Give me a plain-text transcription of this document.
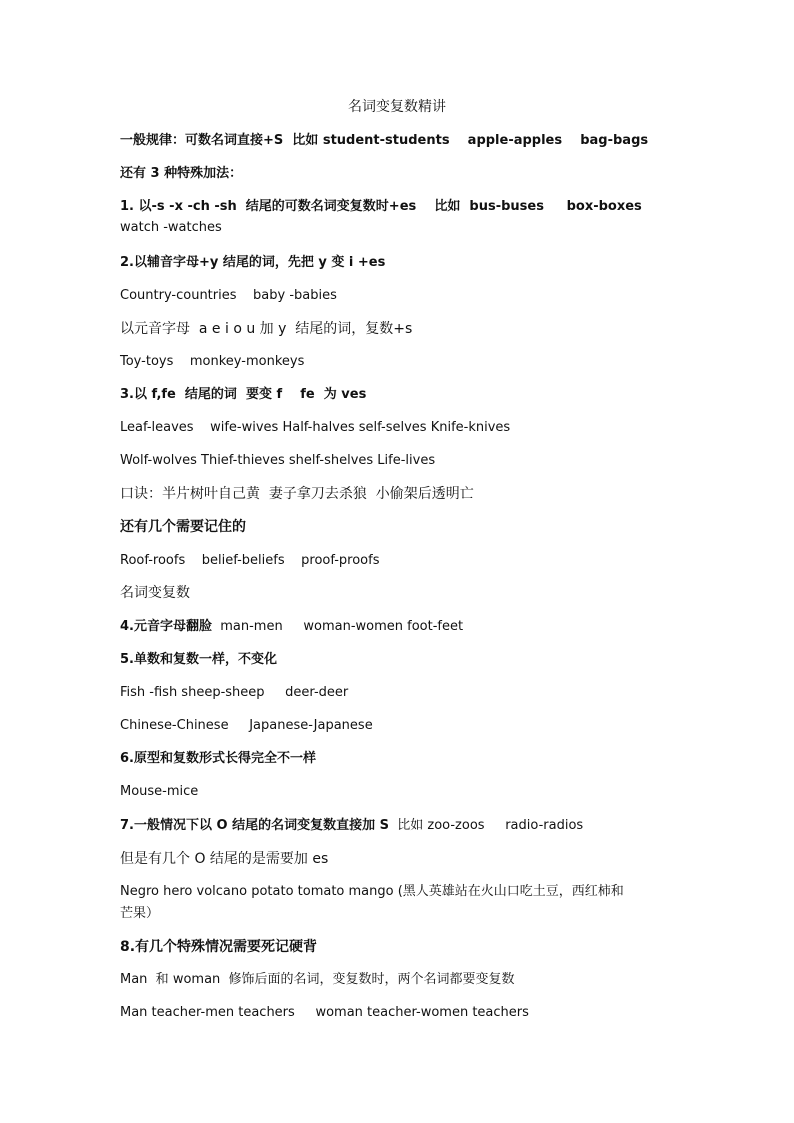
名词变复数精讲
一般规律：可数名词直接+S  比如 student-students    apple-apples    bag-bags
还有 3 种特殊加法：
1. 以-s -x -ch -sh  结尾的可数名词变复数时+es    比如  bus-buses     box-boxes
watch -watches
2.以辅音字母+y 结尾的词，先把 y 变 i +es
Country-countries    baby -babies
以元音字母  a e i o u 加 y  结尾的词，复数+s
Toy-toys    monkey-monkeys
3.以 f,fe  结尾的词  要变 f    fe  为 ves
Leaf-leaves    wife-wives Half-halves self-selves Knife-knives
Wolf-wolves Thief-thieves shelf-shelves Life-lives
口诀：半片树叶自己黄  妻子拿刀去杀狼  小偷架后透明亡
还有几个需要记住的
Roof-roofs    belief-beliefs    proof-proofs
名词变复数
4.元音字母翻脸  man-men     woman-women foot-feet
5.单数和复数一样，不变化
Fish -fish sheep-sheep     deer-deer
Chinese-Chinese     Japanese-Japanese
6.原型和复数形式长得完全不一样
Mouse-mice
7.一般情况下以 O 结尾的名词变复数直接加 S  比如 zoo-zoos     radio-radios
但是有几个 O 结尾的是需要加 es
Negro hero volcano potato tomato mango (黑人英雄站在火山口吃土豆，西红柿和
芒果）
8.有几个特殊情况需要死记硬背
Man  和 woman  修饰后面的名词，变复数时，两个名词都要变复数
Man teacher-men teachers     woman teacher-women teachers
